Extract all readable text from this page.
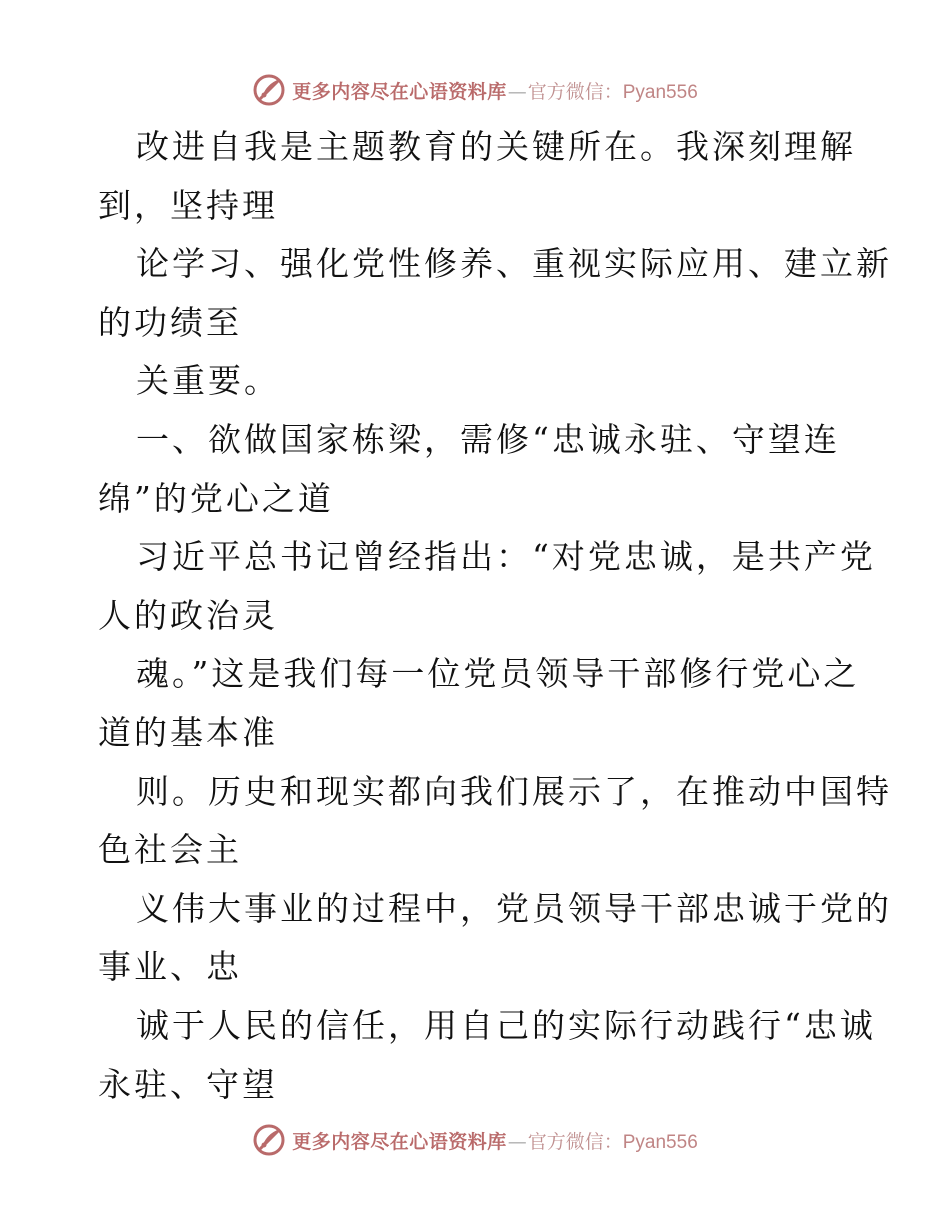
更多内容尽在心语资料库 — 官方微信： Pyan556
改进自我是主题教育的关键所在。我深刻理解
到，坚持理
论学习、强化党性修养、重视实际应用、建立新
的功绩至
关重要。
一、欲做国家栋梁，需修“忠诚永驻、守望连
绵”的党心之道
习近平总书记曾经指出：“对党忠诚，是共产党
人的政治灵
魂。”这是我们每一位党员领导干部修行党心之
道的基本准
则。历史和现实都向我们展示了，在推动中国特
色社会主
义伟大事业的过程中，党员领导干部忠诚于党的
事业、忠
诚于人民的信任，用自己的实际行动践行“忠诚
永驻、守望
更多内容尽在心语资料库 — 官方微信： Pyan556
